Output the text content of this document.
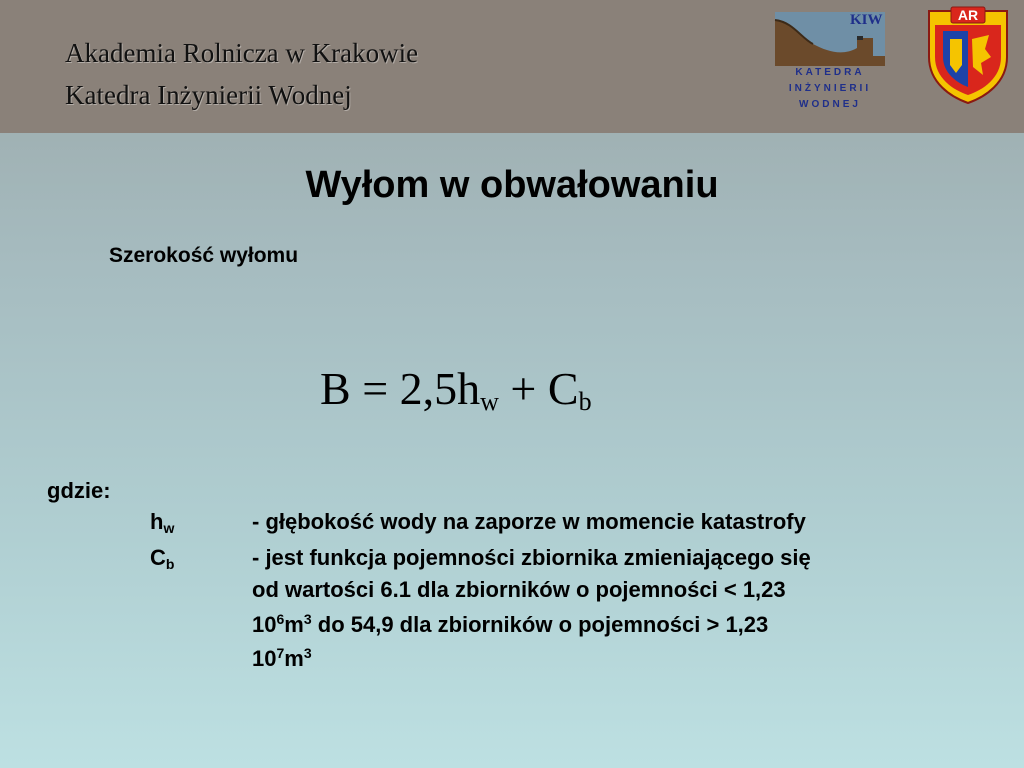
Akademia Rolnicza w Krakowie
Katedra Inżynierii Wodnej
KIW
KATEDRA
INŻYNIERII
WODNEJ
AR
Wyłom w obwałowaniu
Szerokość wyłomu
$B = 2,5h_w + C_b$
gdzie:
$h_w$	- głębokość wody na zaporze w momencie katastrofy
$C_b$	- jest funkcja pojemności zbiornika zmieniającego się
od wartości 6.1 dla zbiorników o pojemności < 1,23
$10^6m^3$ do 54,9 dla zbiorników o pojemności > 1,23
$10^7m^3$
